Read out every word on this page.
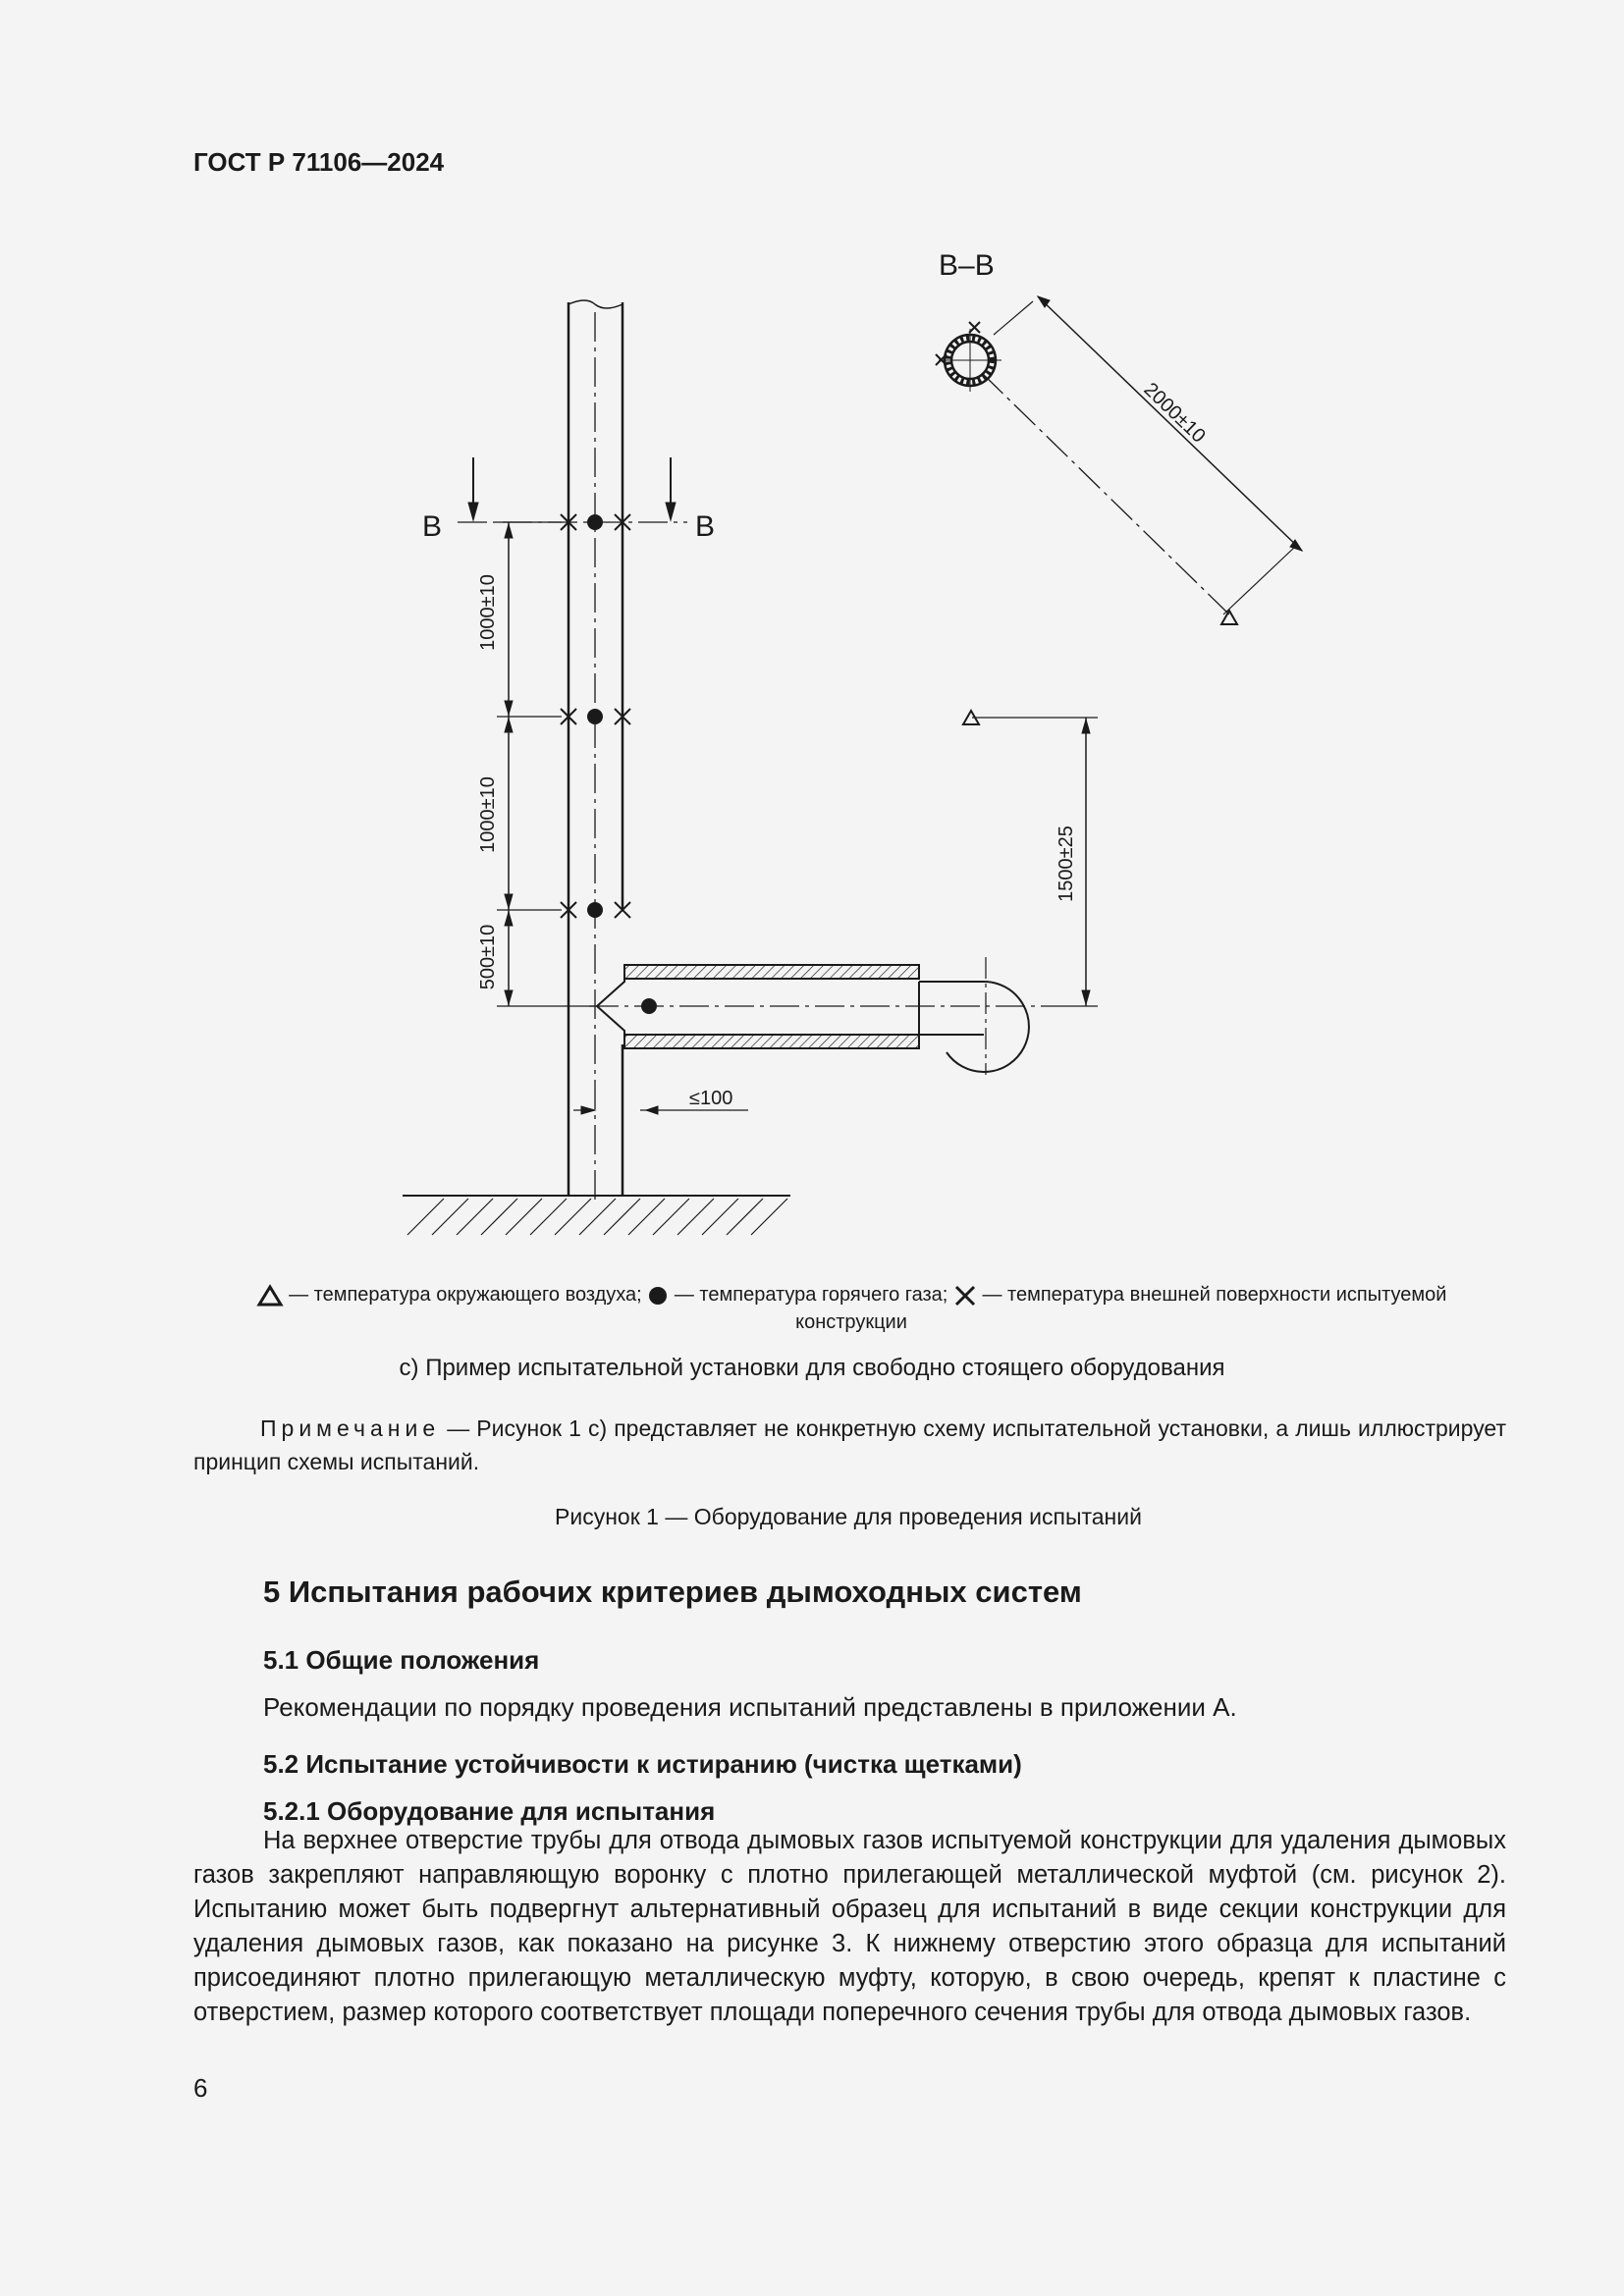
ГОСТ Р 71106—2024
В	В
1000±10
1000±10
500±10
≤100
1500±25
В–В
2000±10
— температура окружающего воздуха; — температура горячего газа; — температура внешней поверхности испытуемой
конструкции
с) Пример испытательной установки для свободно стоящего оборудования
Примечание — Рисунок 1 с) представляет не конкретную схему испытательной установки, а лишь иллюстрирует принцип схемы испытаний.
Рисунок 1 — Оборудование для проведения испытаний
5 Испытания рабочих критериев дымоходных систем
5.1 Общие положения
Рекомендации по порядку проведения испытаний представлены в приложении А.
5.2 Испытание устойчивости к истиранию (чистка щетками)
5.2.1 Оборудование для испытания
На верхнее отверстие трубы для отвода дымовых газов испытуемой конструкции для удаления дымовых газов закрепляют направляющую воронку с плотно прилегающей металлической муфтой (см. рисунок 2). Испытанию может быть подвергнут альтернативный образец для испытаний в виде секции конструкции для удаления дымовых газов, как показано на рисунке 3. К нижнему отверстию этого образца для испытаний присоединяют плотно прилегающую металлическую муфту, которую, в свою очередь, крепят к пластине с отверстием, размер которого соответствует площади поперечного сечения трубы для отвода дымовых газов.
6
